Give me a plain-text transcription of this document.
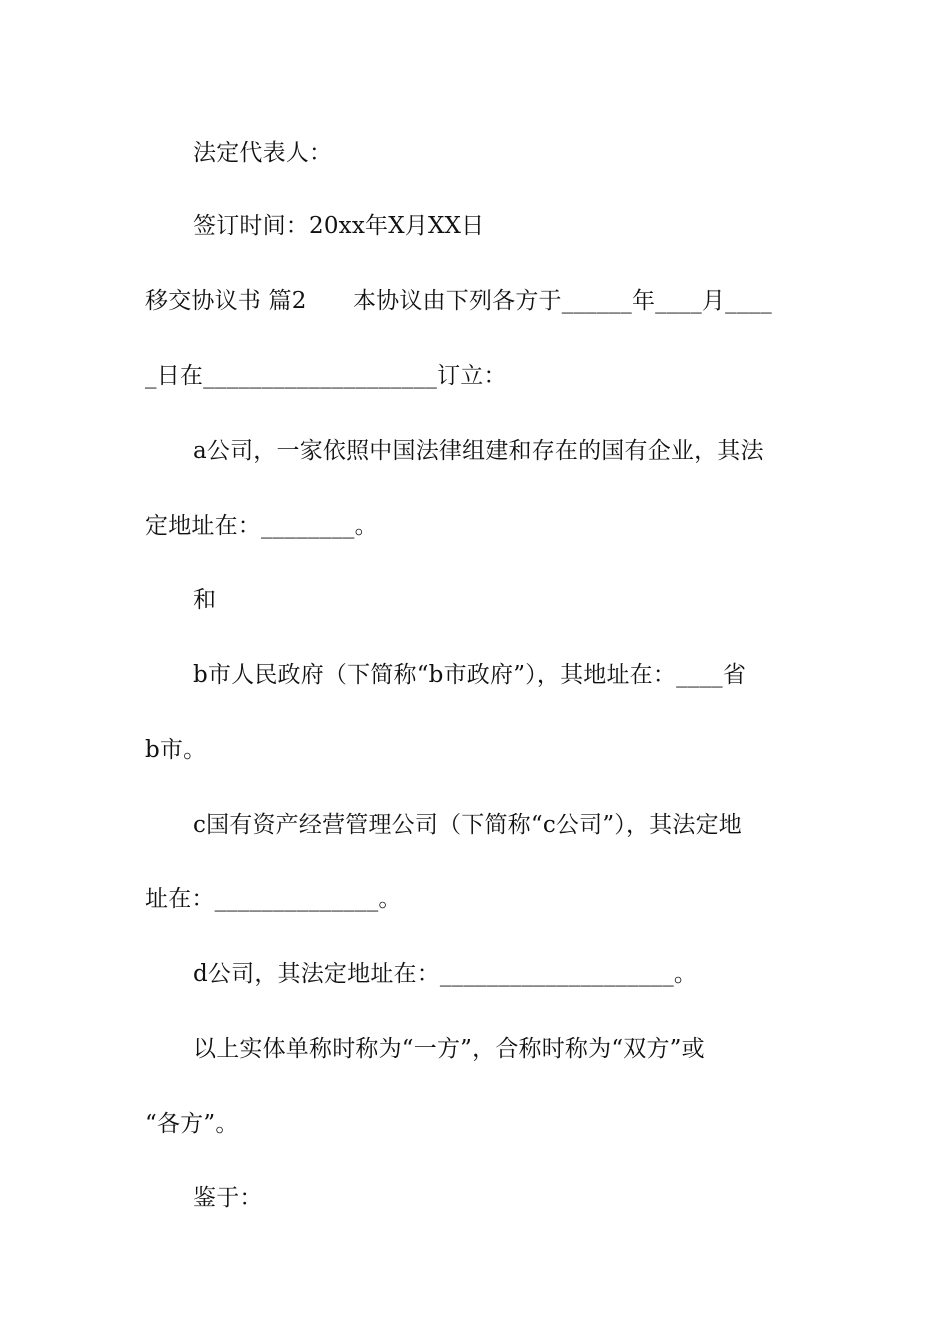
法定代表人：
签订时间：20xx年X月XX日
移交协议书 篇2　　本协议由下列各方于______年____月____
_日在____________________订立：
a公司，一家依照中国法律组建和存在的国有企业，其法
定地址在：________。
和
b市人民政府（下简称“b市政府”），其地址在：____省
b市。
c国有资产经营管理公司（下简称“c公司”），其法定地
址在：______________。
d公司，其法定地址在：____________________。
以上实体单称时称为“一方”，合称时称为“双方”或
“各方”。
鉴于：
